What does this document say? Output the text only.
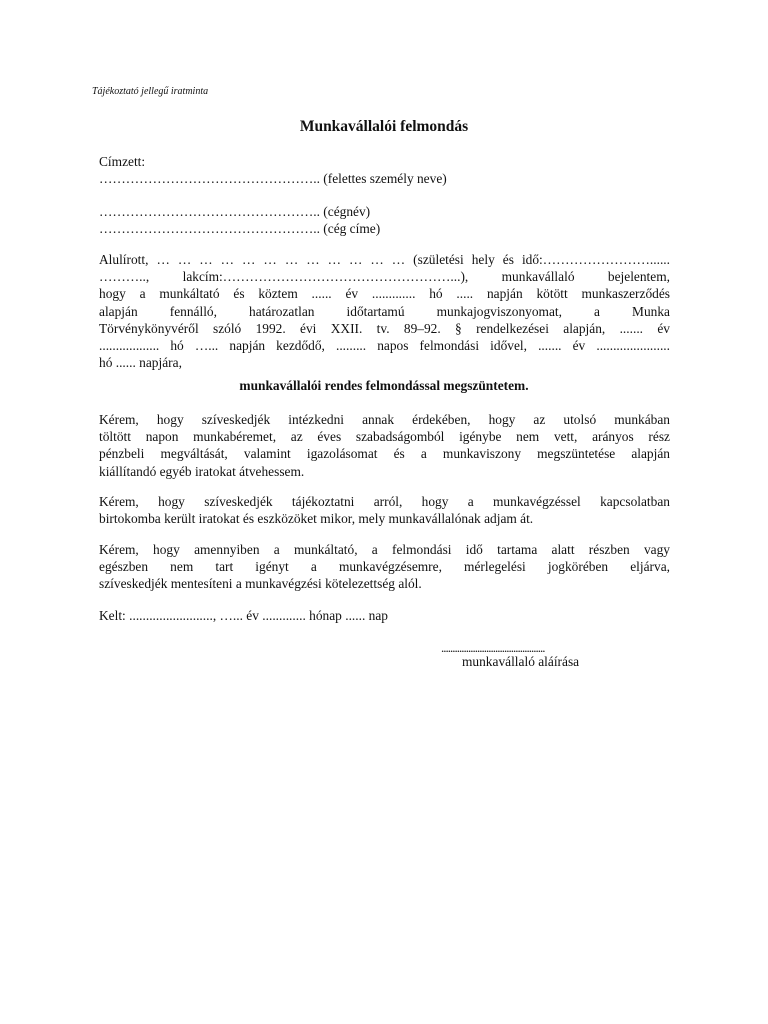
Tájékoztató jellegű iratminta
Munkavállalói felmondás
Címzett:
………………………………………….. (felettes személy neve)
………………………………………….. (cégnév)
………………………………………….. (cég címe)
Alulírott, … … … … … … … … … … … … (születési hely és idő:……………………......
……….., lakcím:……………………………………………...), munkavállaló bejelentem,
hogy a munkáltató és köztem ...... év ............. hó ..... napján kötött munkaszerződés
alapján fennálló, határozatlan időtartamú munkajogviszonyomat, a Munka
Törvénykönyvéről szóló 1992. évi XXII. tv. 89–92. § rendelkezései alapján, ....... év
.................. hó …... napján kezdődő, ......... napos felmondási idővel, ....... év ......................
hó ...... napjára,
munkavállalói rendes felmondással megszüntetem.
Kérem, hogy szíveskedjék intézkedni annak érdekében, hogy az utolsó munkában
töltött napon munkabéremet, az éves szabadságomból igénybe nem vett, arányos rész
pénzbeli megváltását, valamint igazolásomat és a munkaviszony megszüntetése alapján
kiállítandó egyéb iratokat átvehessem.
Kérem, hogy szíveskedjék tájékoztatni arról, hogy a munkavégzéssel kapcsolatban
birtokomba került iratokat és eszközöket mikor, mely munkavállalónak adjam át.
Kérem, hogy amennyiben a munkáltató, a felmondási idő tartama alatt részben vagy
egészben nem tart igényt a munkavégzésemre, mérlegelési jogkörében eljárva,
szíveskedjék mentesíteni a munkavégzési kötelezettség alól.
Kelt: ........................., …... év ............. hónap ...... nap
..............................................
munkavállaló aláírása
